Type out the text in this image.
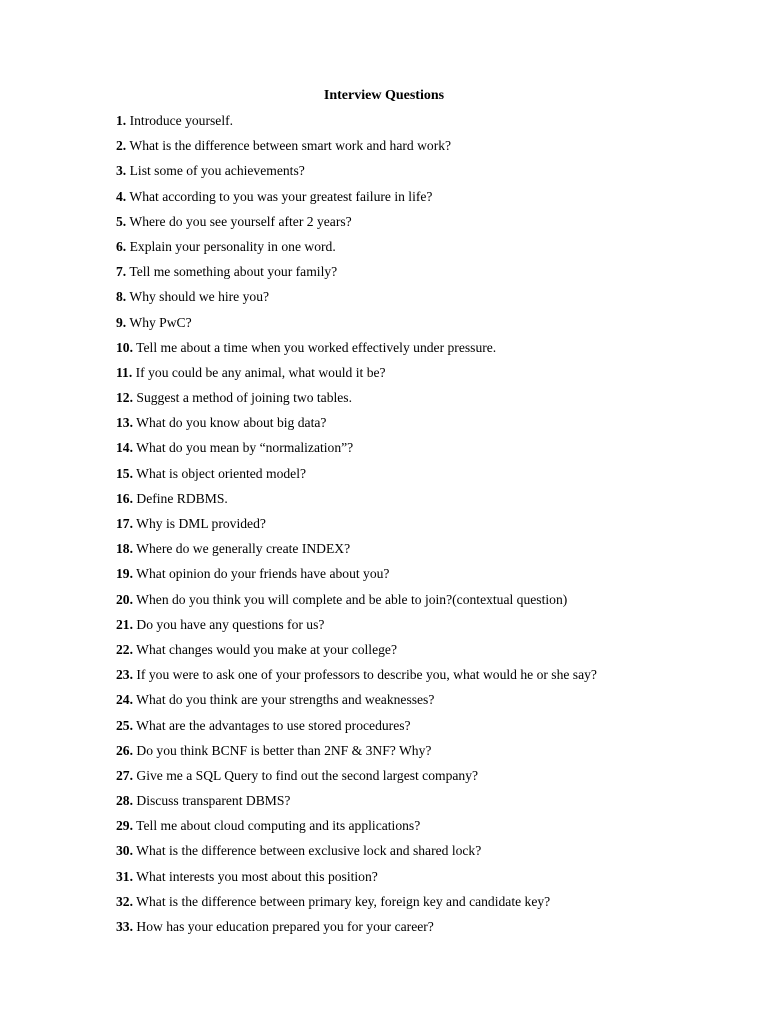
Interview Questions
1. Introduce yourself.
2. What is the difference between smart work and hard work?
3. List some of you achievements?
4. What according to you was your greatest failure in life?
5. Where do you see yourself after 2 years?
6. Explain your personality in one word.
7. Tell me something about your family?
8. Why should we hire you?
9. Why PwC?
10. Tell me about a time when you worked effectively under pressure.
11. If you could be any animal, what would it be?
12. Suggest a method of joining two tables.
13. What do you know about big data?
14. What do you mean by “normalization”?
15. What is object oriented model?
16. Define RDBMS.
17. Why is DML provided?
18. Where do we generally create INDEX?
19. What opinion do your friends have about you?
20. When do you think you will complete and be able to join?(contextual question)
21. Do you have any questions for us?
22. What changes would you make at your college?
23. If you were to ask one of your professors to describe you, what would he or she say?
24. What do you think are your strengths and weaknesses?
25. What are the advantages to use stored procedures?
26. Do you think BCNF is better than 2NF & 3NF? Why?
27. Give me a SQL Query to find out the second largest company?
28. Discuss transparent DBMS?
29. Tell me about cloud computing and its applications?
30. What is the difference between exclusive lock and shared lock?
31. What interests you most about this position?
32. What is the difference between primary key, foreign key and candidate key?
33. How has your education prepared you for your career?
